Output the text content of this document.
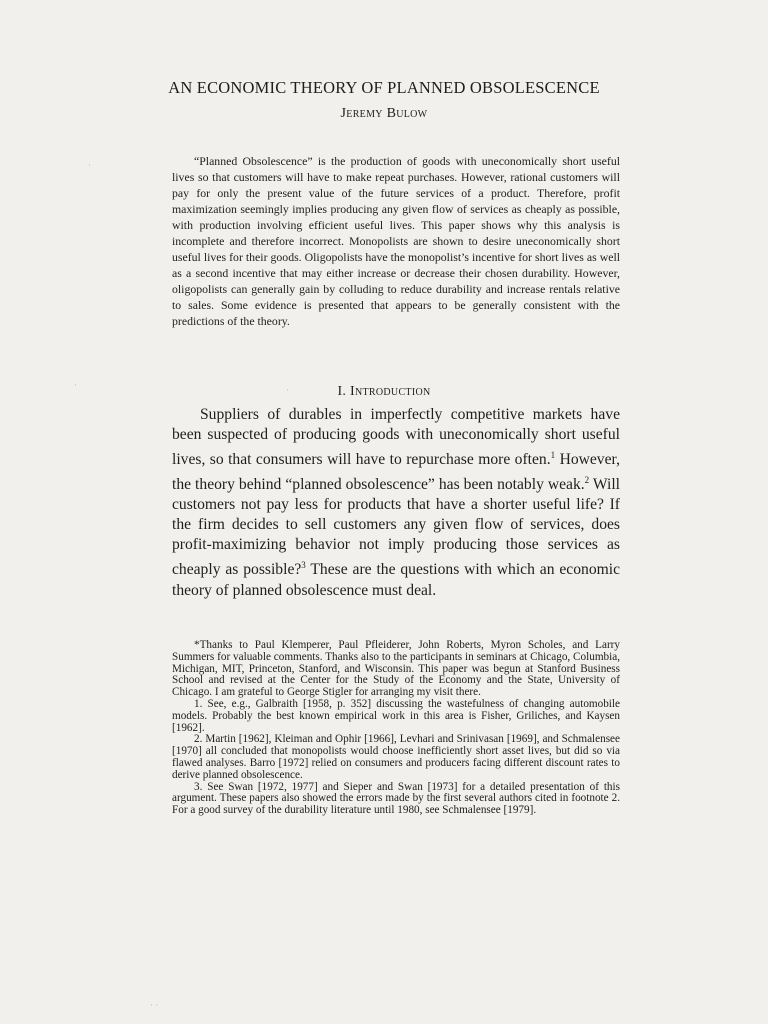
AN ECONOMIC THEORY OF PLANNED OBSOLESCENCE
Jeremy Bulow

“Planned Obsolescence” is the production of goods with uneconomically short useful lives so that customers will have to make repeat purchases. However, rational customers will pay for only the present value of the future services of a product. Therefore, profit maximization seemingly implies producing any given flow of services as cheaply as possible, with production involving efficient useful lives. This paper shows why this analysis is incomplete and therefore incorrect. Monopolists are shown to desire uneconomically short useful lives for their goods. Oligopolists have the monopolist’s incentive for short lives as well as a second incentive that may either increase or decrease their chosen durability. However, oligopolists can generally gain by colluding to reduce durability and increase rentals relative to sales. Some evidence is presented that appears to be generally consistent with the predictions of the theory.

I. Introduction

Suppliers of durables in imperfectly competitive markets have been suspected of producing goods with uneconomically short useful lives, so that consumers will have to repurchase more often.$^1$ However, the theory behind “planned obsolescence” has been notably weak.$^2$ Will customers not pay less for products that have a shorter useful life? If the firm decides to sell customers any given flow of services, does profit-maximizing behavior not imply producing those services as cheaply as possible?$^3$ These are the questions with which an economic theory of planned obsolescence must deal.

*Thanks to Paul Klemperer, Paul Pfleiderer, John Roberts, Myron Scholes, and Larry Summers for valuable comments. Thanks also to the participants in seminars at Chicago, Columbia, Michigan, MIT, Princeton, Stanford, and Wisconsin. This paper was begun at Stanford Business School and revised at the Center for the Study of the Economy and the State, University of Chicago. I am grateful to George Stigler for arranging my visit there.

1. See, e.g., Galbraith [1958, p. 352] discussing the wastefulness of changing automobile models. Probably the best known empirical work in this area is Fisher, Griliches, and Kaysen [1962].

2. Martin [1962], Kleiman and Ophir [1966], Levhari and Srinivasan [1969], and Schmalensee [1970] all concluded that monopolists would choose inefficiently short asset lives, but did so via flawed analyses. Barro [1972] relied on consumers and producers facing different discount rates to derive planned obsolescence.

3. See Swan [1972, 1977] and Sieper and Swan [1973] for a detailed presentation of this argument. These papers also showed the errors made by the first several authors cited in footnote 2. For a good survey of the durability literature until 1980, see Schmalensee [1979].

·
·	·
· ·
